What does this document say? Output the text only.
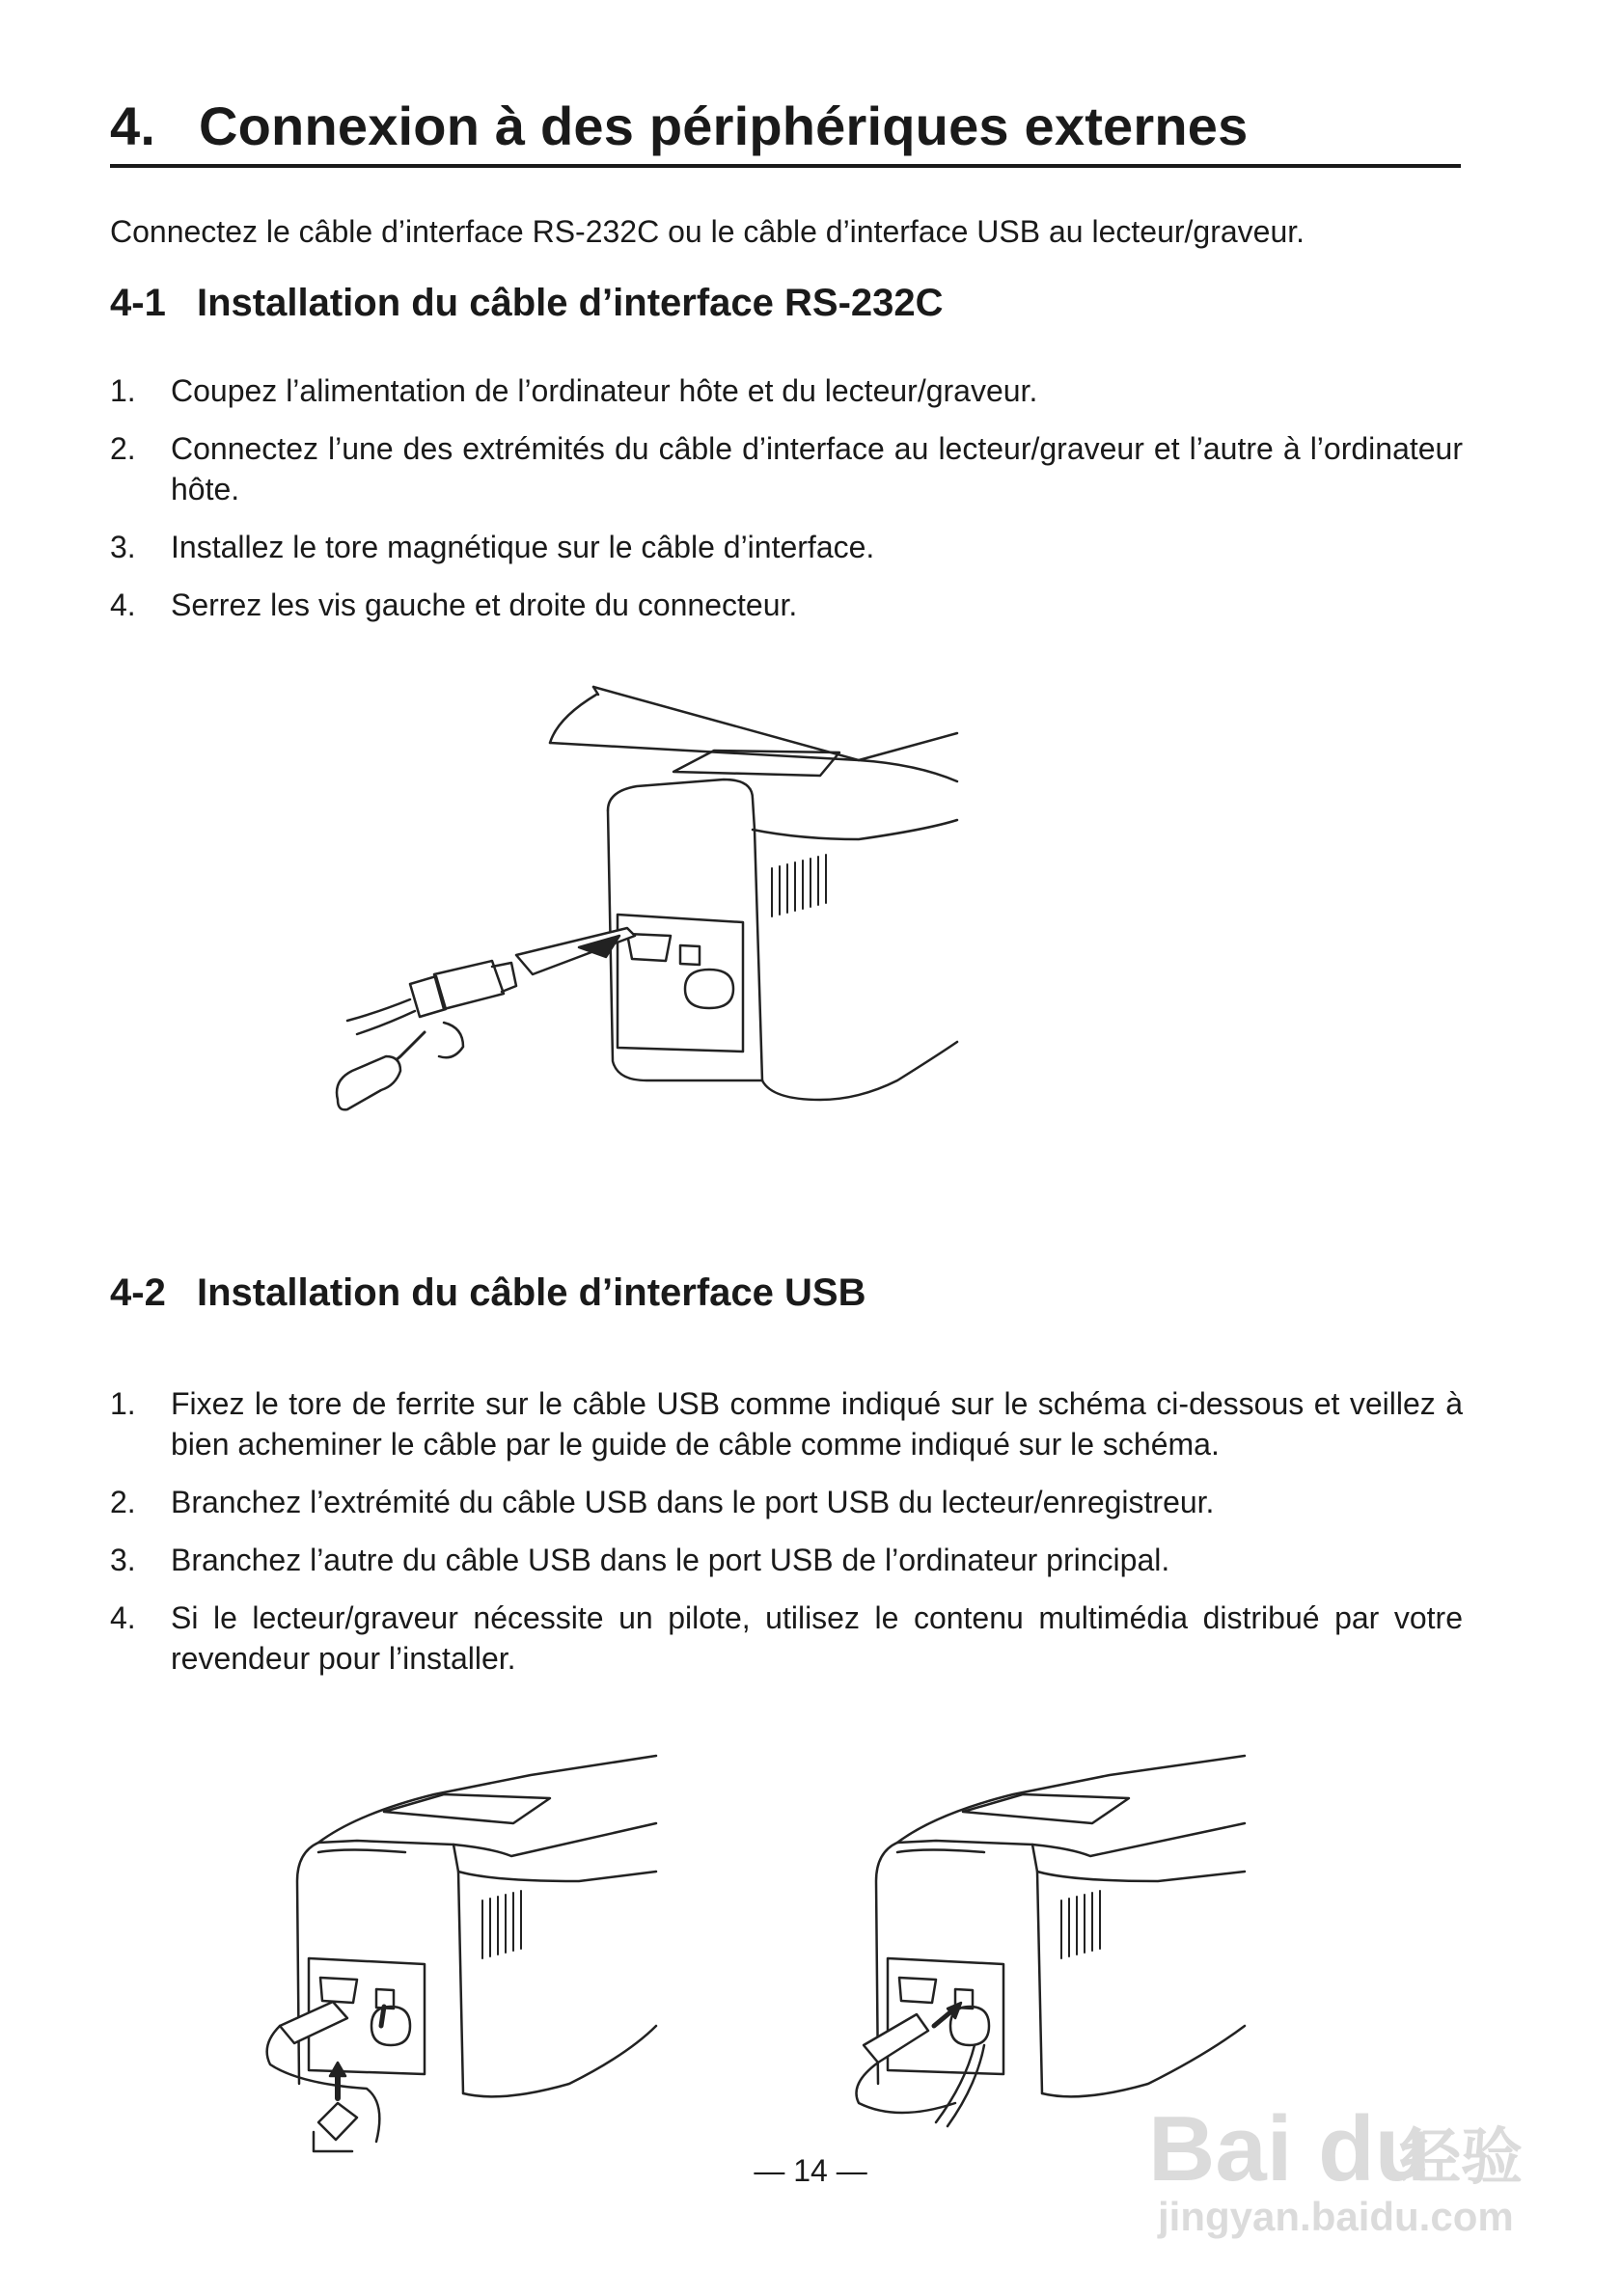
4. Connexion à des périphériques externes

Connectez le câble d’interface RS-232C ou le câble d’interface USB au lecteur/graveur.

4-1 Installation du câble d’interface RS-232C
1. Coupez l’alimentation de l’ordinateur hôte et du lecteur/graveur.
2. Connectez l’une des extrémités du câble d’interface au lecteur/graveur et l’autre à l’ordinateur hôte.
3. Installez le tore magnétique sur le câble d’interface.
4. Serrez les vis gauche et droite du connecteur.
4-2 Installation du câble d’interface USB
1. Fixez le tore de ferrite sur le câble USB comme indiqué sur le schéma ci-dessous et veillez à bien acheminer le câble par le guide de câble comme indiqué sur le schéma.
2. Branchez l’extrémité du câble USB dans le port USB du lecteur/enregistreur.
3. Branchez l’autre du câble USB dans le port USB de l’ordinateur principal.
4. Si le lecteur/graveur nécessite un pilote, utilisez le contenu multimédia distribué par votre revendeur pour l’installer.
— 14 —	Bai du
经验
jingyan.baidu.com
